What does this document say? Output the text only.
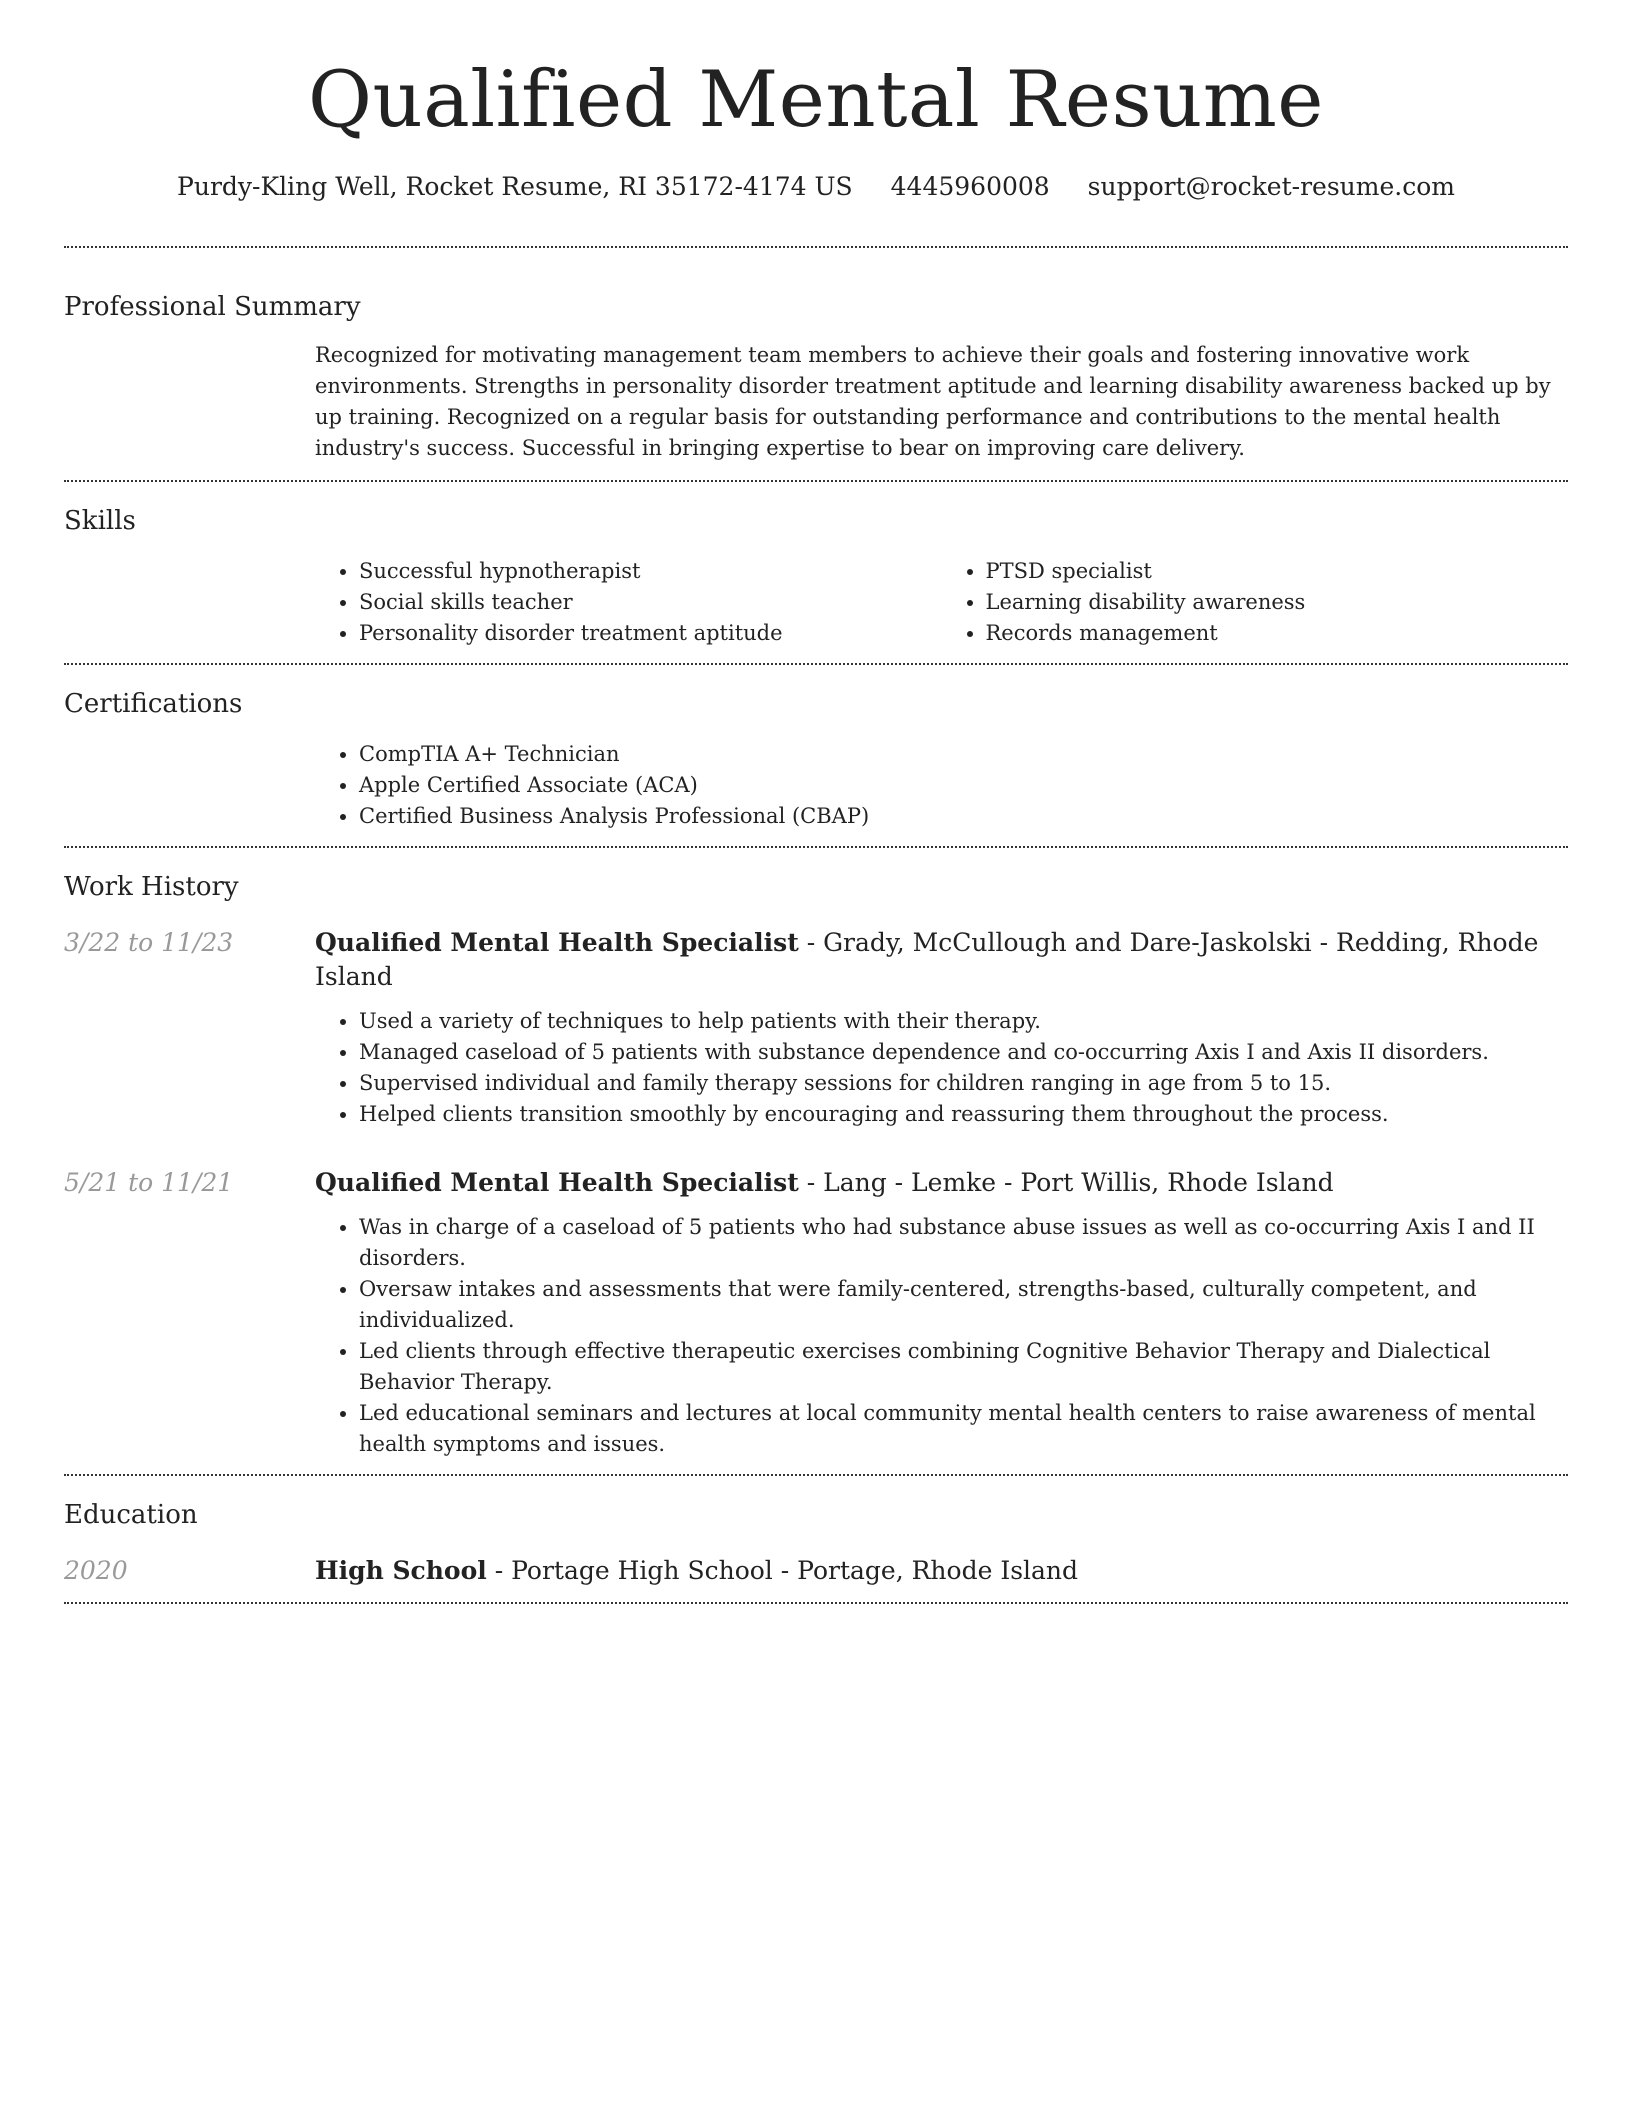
Qualified Mental Resume
Purdy-Kling Well, Rocket Resume, RI 35172-4174 US 4445960008 support@rocket-resume.com
Professional Summary
Recognized for motivating management team members to achieve their goals and fostering innovative work environments. Strengths in personality disorder treatment aptitude and learning disability awareness backed up by up training. Recognized on a regular basis for outstanding performance and contributions to the mental health industry's success. Successful in bringing expertise to bear on improving care delivery.
Skills
• Successful hypnotherapist
• Social skills teacher
• Personality disorder treatment aptitude
• PTSD specialist
• Learning disability awareness
• Records management
Certifications
• CompTIA A+ Technician
• Apple Certified Associate (ACA)
• Certified Business Analysis Professional (CBAP)
Work History
3/22 to 11/23	Qualified Mental Health Specialist - Grady, McCullough and Dare-Jaskolski - Redding, Rhode Island
• Used a variety of techniques to help patients with their therapy.
• Managed caseload of 5 patients with substance dependence and co-occurring Axis I and Axis II disorders.
• Supervised individual and family therapy sessions for children ranging in age from 5 to 15.
• Helped clients transition smoothly by encouraging and reassuring them throughout the process.
5/21 to 11/21	Qualified Mental Health Specialist - Lang - Lemke - Port Willis, Rhode Island
• Was in charge of a caseload of 5 patients who had substance abuse issues as well as co-occurring Axis I and II disorders.
• Oversaw intakes and assessments that were family-centered, strengths-based, culturally competent, and individualized.
• Led clients through effective therapeutic exercises combining Cognitive Behavior Therapy and Dialectical Behavior Therapy.
• Led educational seminars and lectures at local community mental health centers to raise awareness of mental health symptoms and issues.
Education
2020	High School - Portage High School - Portage, Rhode Island
